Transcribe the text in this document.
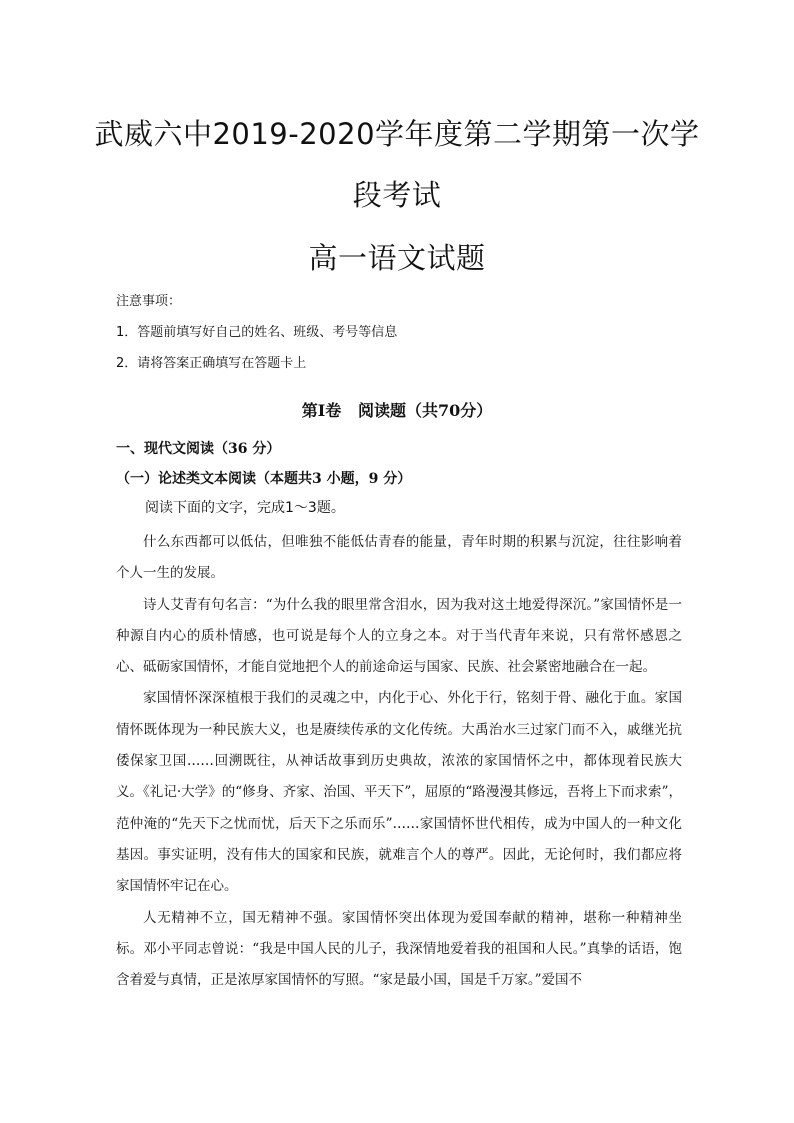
武威六中2019-2020学年度第二学期第一次学
段考试
高一语文试题
注意事项：
1．答题前填写好自己的姓名、班级、考号等信息
2．请将答案正确填写在答题卡上
第Ⅰ卷   阅读题（共70分）
一、现代文阅读（36 分）
（一）论述类文本阅读（本题共3 小题，9 分）
阅读下面的文字，完成1～3题。

什么东西都可以低估，但唯独不能低估青春的能量，青年时期的积累与沉淀，往往影响着个人一生的发展。

诗人艾青有句名言：“为什么我的眼里常含泪水，因为我对这土地爱得深沉。”家国情怀是一种源自内心的质朴情感，也可说是每个人的立身之本。对于当代青年来说，只有常怀感恩之心、砥砺家国情怀，才能自觉地把个人的前途命运与国家、民族、社会紧密地融合在一起。

家国情怀深深植根于我们的灵魂之中，内化于心、外化于行，铭刻于骨、融化于血。家国情怀既体现为一种民族大义，也是赓续传承的文化传统。大禹治水三过家门而不入，戚继光抗倭保家卫国……回溯既往，从神话故事到历史典故，浓浓的家国情怀之中，都体现着民族大义。《礼记·大学》的“修身、齐家、治国、平天下”，屈原的“路漫漫其修远，吾将上下而求索”，范仲淹的“先天下之忧而忧，后天下之乐而乐”……家国情怀世代相传，成为中国人的一种文化基因。事实证明，没有伟大的国家和民族，就难言个人的尊严。因此，无论何时，我们都应将家国情怀牢记在心。

人无精神不立，国无精神不强。家国情怀突出体现为爱国奉献的精神，堪称一种精神坐标。邓小平同志曾说：“我是中国人民的儿子，我深情地爱着我的祖国和人民。”真挚的话语，饱含着爱与真情，正是浓厚家国情怀的写照。“家是最小国，国是千万家。”爱国不
